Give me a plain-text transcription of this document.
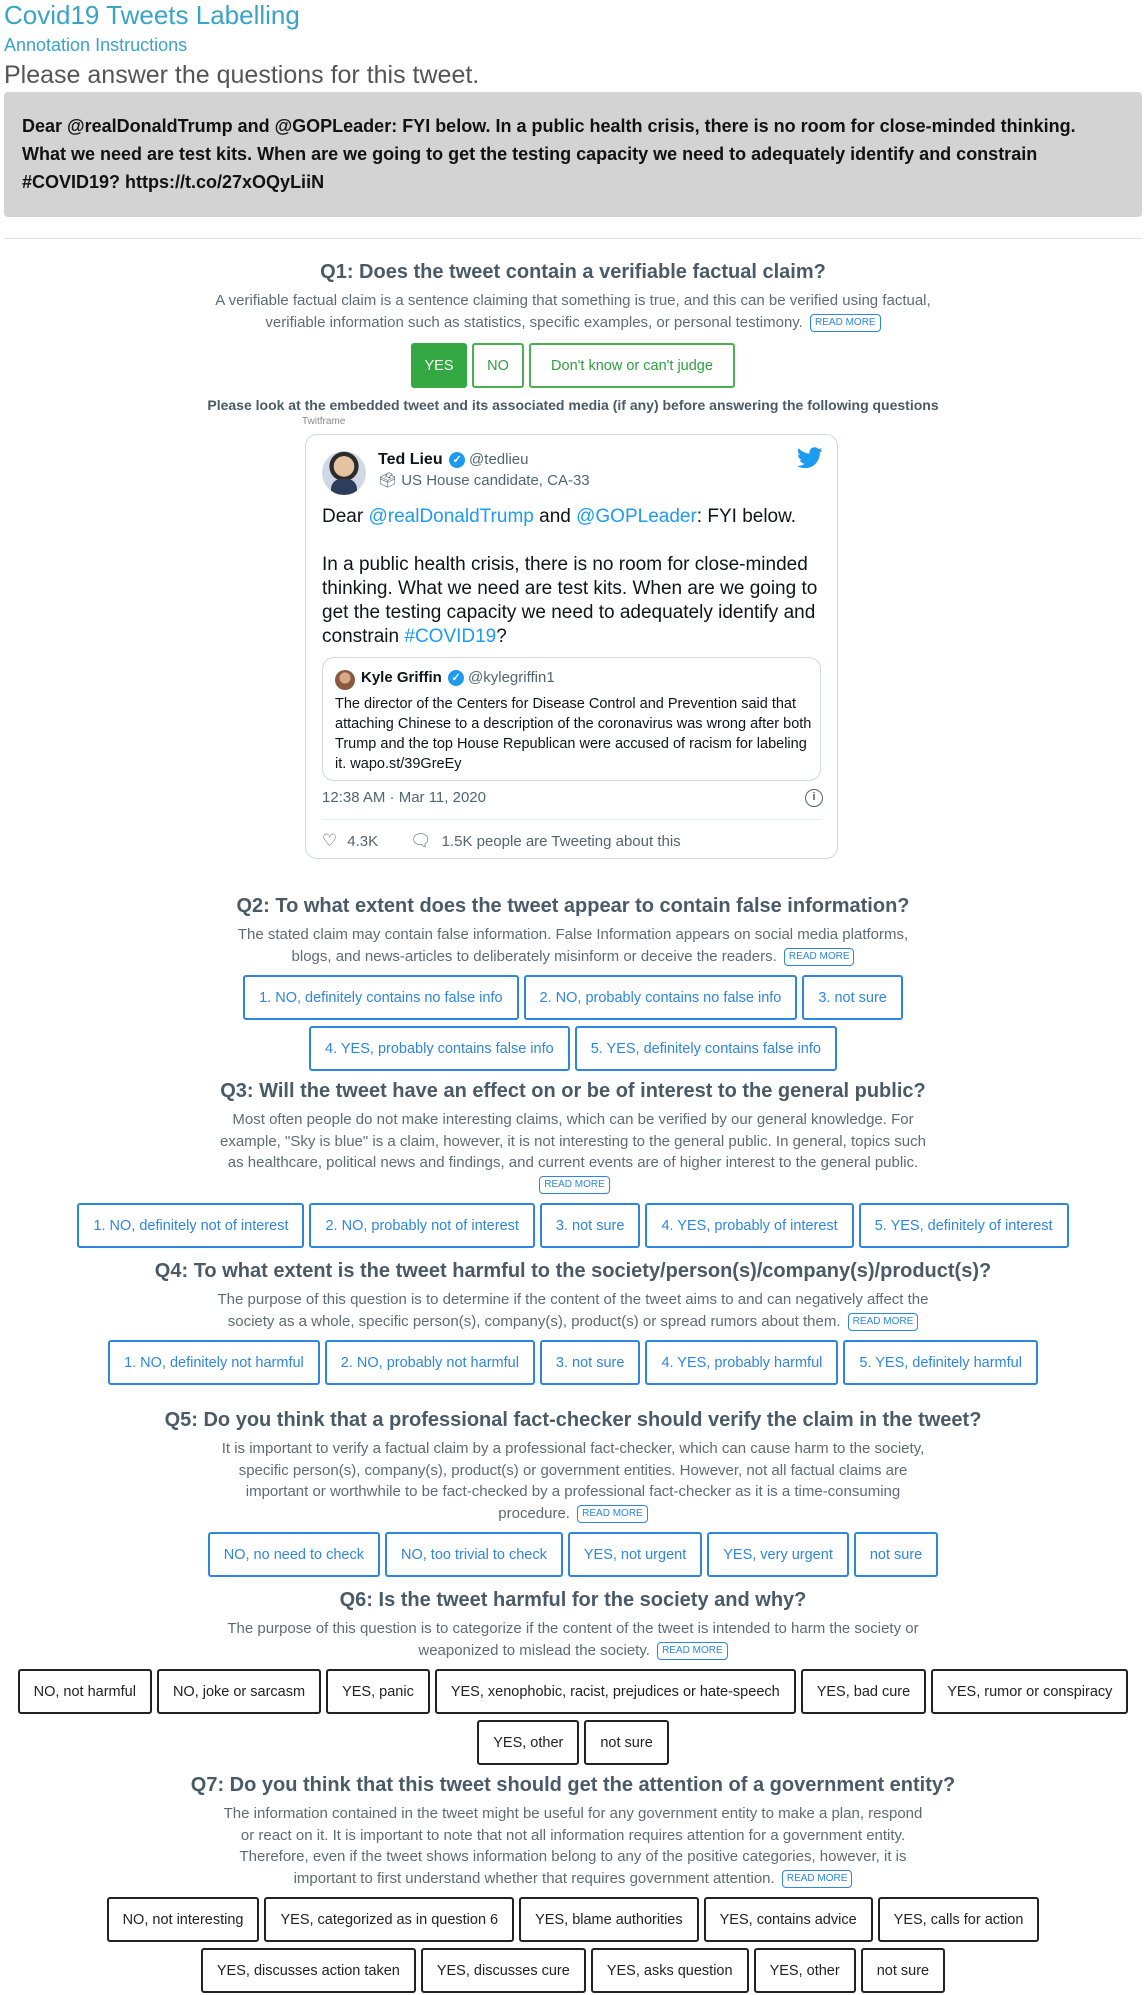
Covid19 Tweets Labelling
Annotation Instructions
Please answer the questions for this tweet.
Dear @realDonaldTrump and @GOPLeader: FYI below. In a public health crisis, there is no room for close-minded thinking. What we need are test kits. When are we going to get the testing capacity we need to adequately identify and constrain #COVID19? https://t.co/27xOQyLiiN
Q1: Does the tweet contain a verifiable factual claim?
A verifiable factual claim is a sentence claiming that something is true, and this can be verified using factual, verifiable information such as statistics, specific examples, or personal testimony. READ MORE
YES	NO	Don't know or can't judge
Please look at the embedded tweet and its associated media (if any) before answering the following questions
Twitframe
Ted Lieu ✓ @tedlieu
🗳 US House candidate, CA-33
Dear @realDonaldTrump and @GOPLeader: FYI below.

In a public health crisis, there is no room for close-minded thinking. What we need are test kits. When are we going to get the testing capacity we need to adequately identify and constrain #COVID19?
Kyle Griffin ✓ @kylegriffin1
The director of the Centers for Disease Control and Prevention said that attaching Chinese to a description of the coronavirus was wrong after both Trump and the top House Republican were accused of racism for labeling it. wapo.st/39GreEy
12:38 AM · Mar 11, 2020	i
♡ 4.3K 🗨 1.5K people are Tweeting about this
Q2: To what extent does the tweet appear to contain false information?
The stated claim may contain false information. False Information appears on social media platforms, blogs, and news-articles to deliberately misinform or deceive the readers. READ MORE
1. NO, definitely contains no false info	2. NO, probably contains no false info	3. not sure
4. YES, probably contains false info	5. YES, definitely contains false info
Q3: Will the tweet have an effect on or be of interest to the general public?
Most often people do not make interesting claims, which can be verified by our general knowledge. For example, "Sky is blue" is a claim, however, it is not interesting to the general public. In general, topics such as healthcare, political news and findings, and current events are of higher interest to the general public.
READ MORE
1. NO, definitely not of interest	2. NO, probably not of interest	3. not sure	4. YES, probably of interest	5. YES, definitely of interest
Q4: To what extent is the tweet harmful to the society/person(s)/company(s)/product(s)?
The purpose of this question is to determine if the content of the tweet aims to and can negatively affect the society as a whole, specific person(s), company(s), product(s) or spread rumors about them. READ MORE
1. NO, definitely not harmful	2. NO, probably not harmful	3. not sure	4. YES, probably harmful	5. YES, definitely harmful
Q5: Do you think that a professional fact-checker should verify the claim in the tweet?
It is important to verify a factual claim by a professional fact-checker, which can cause harm to the society, specific person(s), company(s), product(s) or government entities. However, not all factual claims are important or worthwhile to be fact-checked by a professional fact-checker as it is a time-consuming procedure. READ MORE
NO, no need to check	NO, too trivial to check	YES, not urgent	YES, very urgent	not sure
Q6: Is the tweet harmful for the society and why?
The purpose of this question is to categorize if the content of the tweet is intended to harm the society or weaponized to mislead the society. READ MORE
NO, not harmful	NO, joke or sarcasm	YES, panic	YES, xenophobic, racist, prejudices or hate-speech	YES, bad cure	YES, rumor or conspiracy
YES, other	not sure
Q7: Do you think that this tweet should get the attention of a government entity?
The information contained in the tweet might be useful for any government entity to make a plan, respond or react on it. It is important to note that not all information requires attention for a government entity. Therefore, even if the tweet shows information belong to any of the positive categories, however, it is important to first understand whether that requires government attention. READ MORE
NO, not interesting	YES, categorized as in question 6	YES, blame authorities	YES, contains advice	YES, calls for action
YES, discusses action taken	YES, discusses cure	YES, asks question	YES, other	not sure
